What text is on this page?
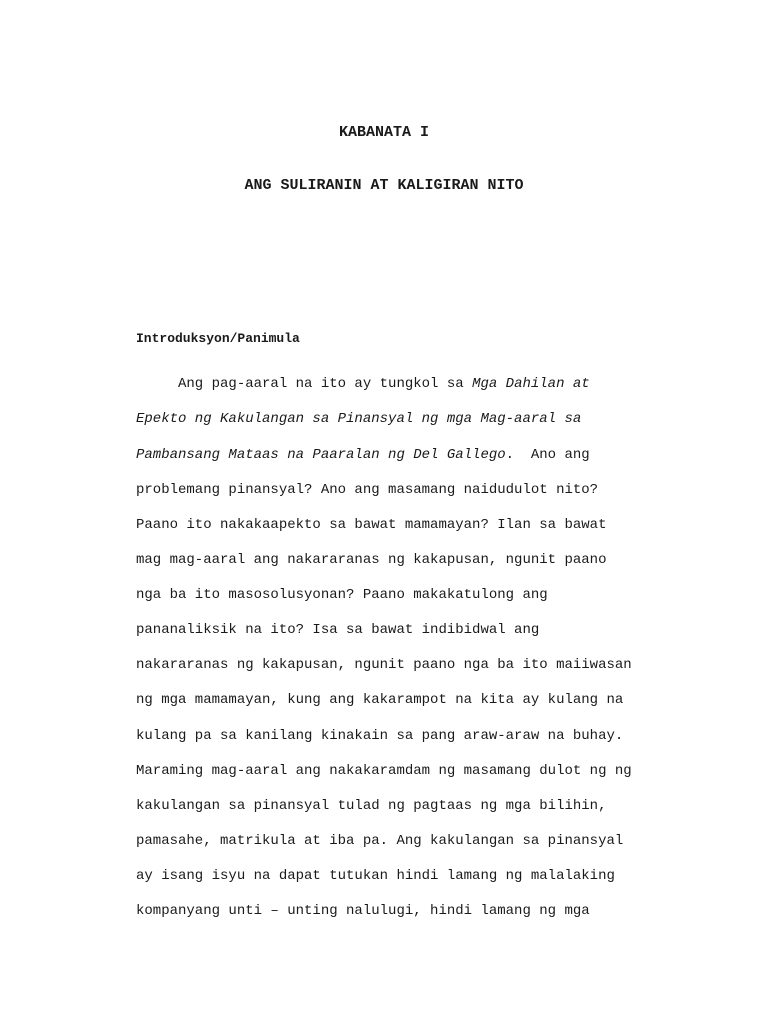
KABANATA I
ANG SULIRANIN AT KALIGIRAN NITO
Introduksyon/Panimula
Ang pag-aaral na ito ay tungkol sa Mga Dahilan at
Epekto ng Kakulangan sa Pinansyal ng mga Mag-aaral sa
Pambansang Mataas na Paaralan ng Del Gallego.  Ano ang
problemang pinansyal? Ano ang masamang naidudulot nito?
Paano ito nakakaapekto sa bawat mamamayan? Ilan sa bawat
mag mag-aaral ang nakararanas ng kakapusan, ngunit paano
nga ba ito masosolusyonan? Paano makakatulong ang
pananaliksik na ito? Isa sa bawat indibidwal ang
nakararanas ng kakapusan, ngunit paano nga ba ito maiiwasan
ng mga mamamayan, kung ang kakarampot na kita ay kulang na
kulang pa sa kanilang kinakain sa pang araw-araw na buhay.
Maraming mag-aaral ang nakakaramdam ng masamang dulot ng ng
kakulangan sa pinansyal tulad ng pagtaas ng mga bilihin,
pamasahe, matrikula at iba pa. Ang kakulangan sa pinansyal
ay isang isyu na dapat tutukan hindi lamang ng malalaking
kompanyang unti – unting nalulugi, hindi lamang ng mga
